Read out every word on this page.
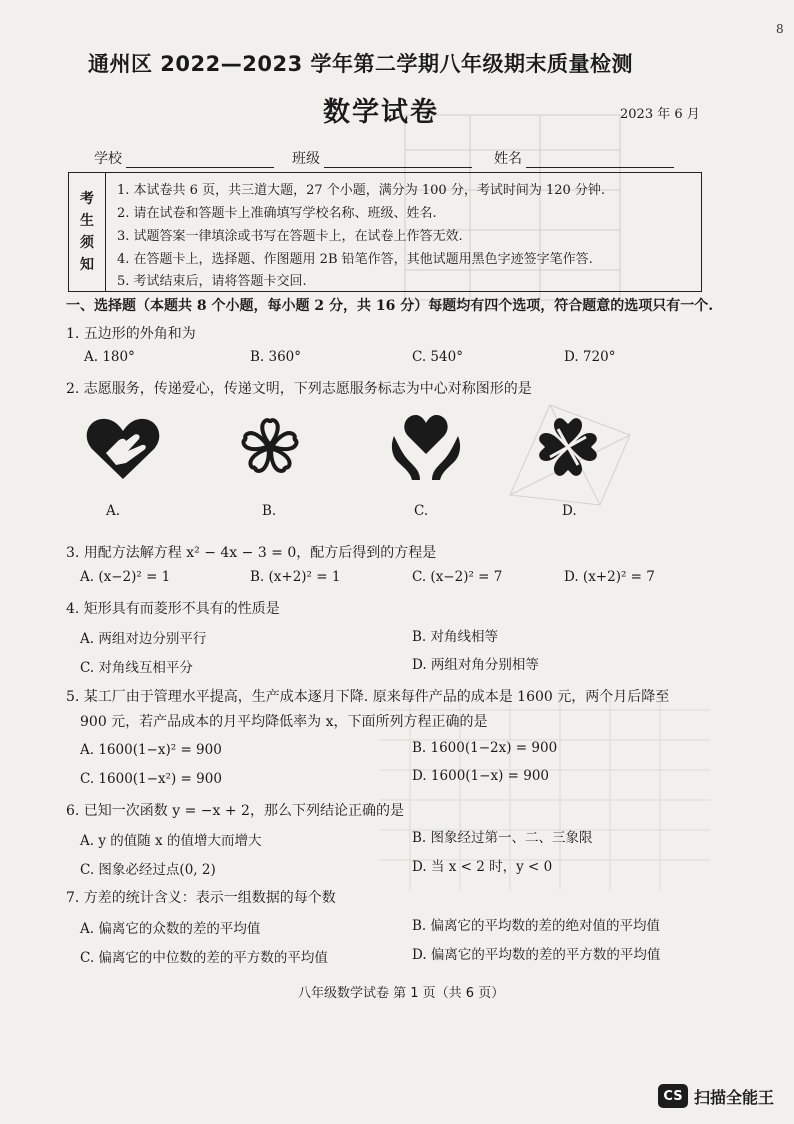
8
通州区 2022—2023 学年第二学期八年级期末质量检测
数学试卷	2023 年 6 月
学校	班级	姓名
考
生
须
知
1. 本试卷共 6 页，共三道大题，27 个小题，满分为 100 分，考试时间为 120 分钟.
2. 请在试卷和答题卡上准确填写学校名称、班级、姓名.
3. 试题答案一律填涂或书写在答题卡上，在试卷上作答无效.
4. 在答题卡上，选择题、作图题用 2B 铅笔作答，其他试题用黑色字迹签字笔作答.
5. 考试结束后，请将答题卡交回.
一、选择题（本题共 8 个小题，每小题 2 分，共 16 分）每题均有四个选项，符合题意的选项只有一个.
1. 五边形的外角和为
A. 180°	B. 360°	C. 540°	D. 720°
2. 志愿服务，传递爱心，传递文明，下列志愿服务标志为中心对称图形的是
A.	B.	C.	D.
3. 用配方法解方程 x² − 4x − 3 = 0，配方后得到的方程是
A. (x−2)² = 1	B. (x+2)² = 1	C. (x−2)² = 7	D. (x+2)² = 7
4. 矩形具有而菱形不具有的性质是
A. 两组对边分别平行	B. 对角线相等
C. 对角线互相平分	D. 两组对角分别相等
5. 某工厂由于管理水平提高，生产成本逐月下降. 原来每件产品的成本是 1600 元，两个月后降至
900 元，若产品成本的月平均降低率为 x，下面所列方程正确的是
A. 1600(1−x)² = 900	B. 1600(1−2x) = 900
C. 1600(1−x²) = 900	D. 1600(1−x) = 900
6. 已知一次函数 y = −x + 2，那么下列结论正确的是
A. y 的值随 x 的值增大而增大	B. 图象经过第一、二、三象限
C. 图象必经过点(0, 2)	D. 当 x < 2 时，y < 0
7. 方差的统计含义：表示一组数据的每个数
A. 偏离它的众数的差的平均值	B. 偏离它的平均数的差的绝对值的平均值
C. 偏离它的中位数的差的平方数的平均值	D. 偏离它的平均数的差的平方数的平均值
八年级数学试卷 第 1 页（共 6 页）
CS 扫描全能王
